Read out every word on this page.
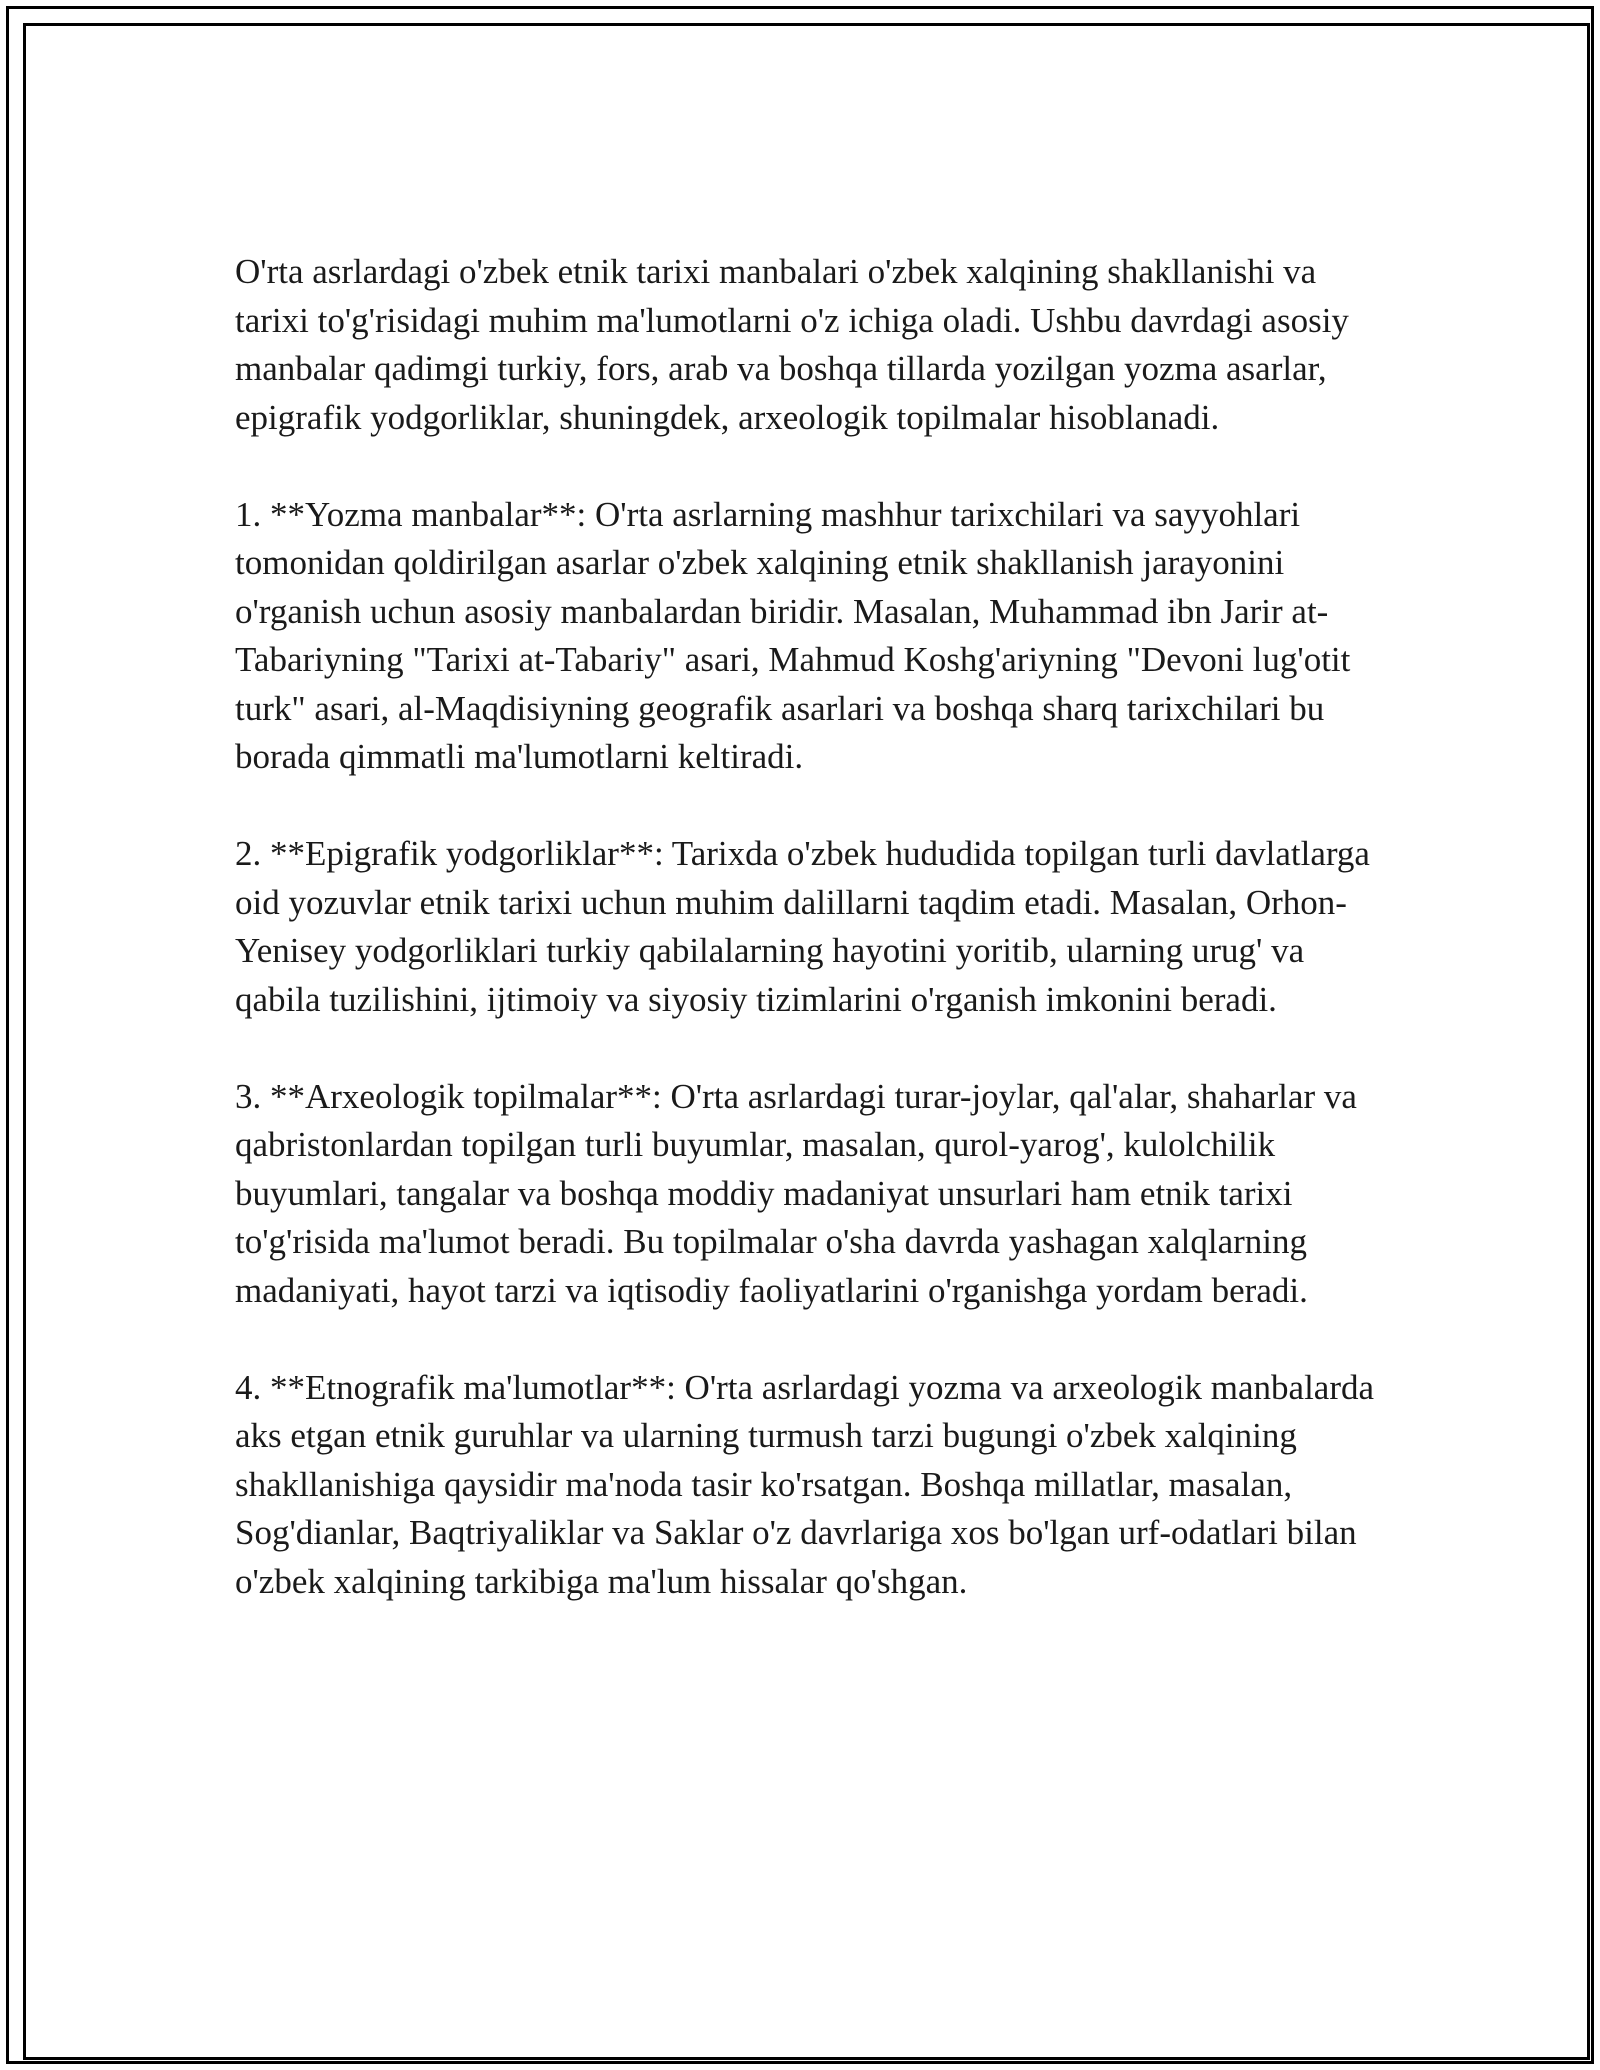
O'rta asrlardagi o'zbek etnik tarixi manbalari o'zbek xalqining shakllanishi va tarixi to'g'risidagi muhim ma'lumotlarni o'z ichiga oladi. Ushbu davrdagi asosiy manbalar qadimgi turkiy, fors, arab va boshqa tillarda yozilgan yozma asarlar, epigrafik yodgorliklar, shuningdek, arxeologik topilmalar hisoblanadi.

1. **Yozma manbalar**: O'rta asrlarning mashhur tarixchilari va sayyohlari tomonidan qoldirilgan asarlar o'zbek xalqining etnik shakllanish jarayonini o'rganish uchun asosiy manbalardan biridir. Masalan, Muhammad ibn Jarir at-Tabariyning "Tarixi at-Tabariy" asari, Mahmud Koshg'ariyning "Devoni lug'otit turk" asari, al-Maqdisiyning geografik asarlari va boshqa sharq tarixchilari bu borada qimmatli ma'lumotlarni keltiradi.

2. **Epigrafik yodgorliklar**: Tarixda o'zbek hududida topilgan turli davlatlarga oid yozuvlar etnik tarixi uchun muhim dalillarni taqdim etadi. Masalan, Orhon-Yenisey yodgorliklari turkiy qabilalarning hayotini yoritib, ularning urug' va qabila tuzilishini, ijtimoiy va siyosiy tizimlarini o'rganish imkonini beradi.

3. **Arxeologik topilmalar**: O'rta asrlardagi turar-joylar, qal'alar, shaharlar va qabristonlardan topilgan turli buyumlar, masalan, qurol-yarog', kulolchilik buyumlari, tangalar va boshqa moddiy madaniyat unsurlari ham etnik tarixi to'g'risida ma'lumot beradi. Bu topilmalar o'sha davrda yashagan xalqlarning madaniyati, hayot tarzi va iqtisodiy faoliyatlarini o'rganishga yordam beradi.

4. **Etnografik ma'lumotlar**: O'rta asrlardagi yozma va arxeologik manbalarda aks etgan etnik guruhlar va ularning turmush tarzi bugungi o'zbek xalqining shakllanishiga qaysidir ma'noda tasir ko'rsatgan. Boshqa millatlar, masalan, Sog'dianlar, Baqtriyaliklar va Saklar o'z davrlariga xos bo'lgan urf-odatlari bilan o'zbek xalqining tarkibiga ma'lum hissalar qo'shgan.
